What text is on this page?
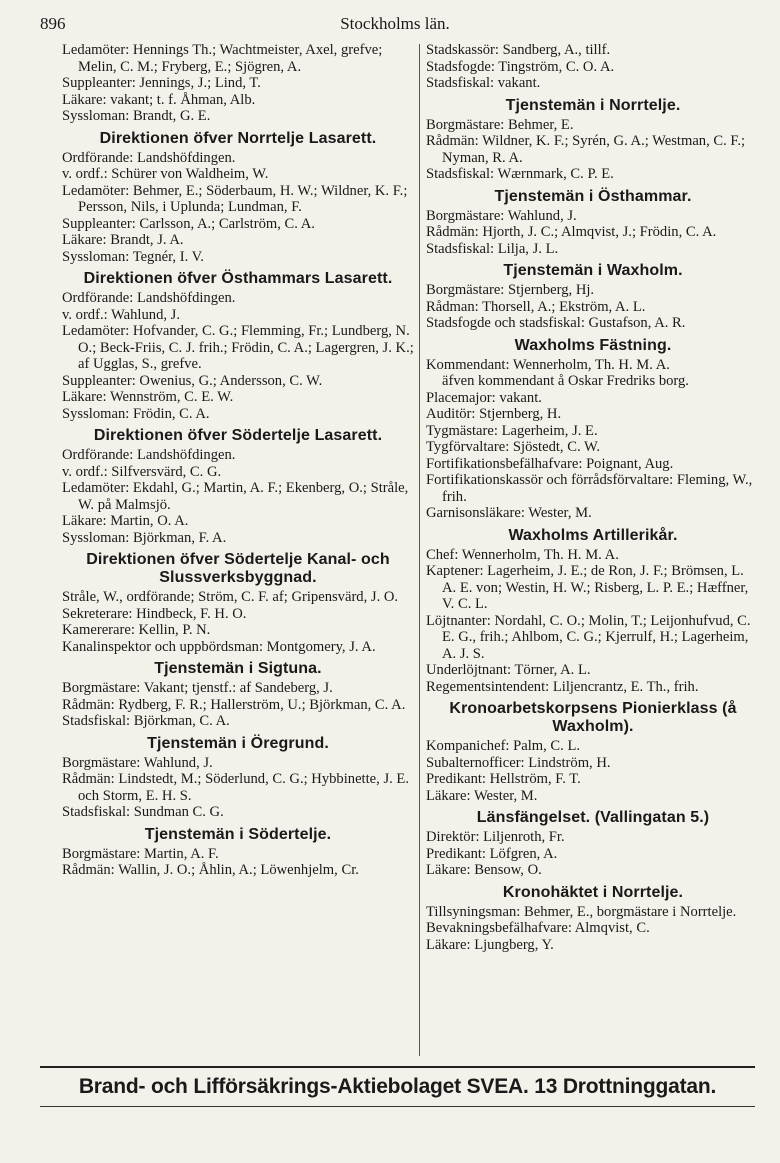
896	Stockholms län.

Ledamöter: Hennings Th.; Wachtmeister, Axel, grefve; Melin, C. M.; Fryberg, E.; Sjögren, A.

Suppleanter: Jennings, J.; Lind, T.

Läkare: vakant; t. f. Åhman, Alb.

Syssloman: Brandt, G. E.

Direktionen öfver Norrtelje Lasarett.

Ordförande: Landshöfdingen.

v. ordf.: Schürer von Waldheim, W.

Ledamöter: Behmer, E.; Söderbaum, H. W.; Wildner, K. F.; Persson, Nils, i Uplunda; Lundman, F.

Suppleanter: Carlsson, A.; Carlström, C. A.

Läkare: Brandt, J. A.

Syssloman: Tegnér, I. V.

Direktionen öfver Östhammars Lasarett.

Ordförande: Landshöfdingen.

v. ordf.: Wahlund, J.

Ledamöter: Hofvander, C. G.; Flemming, Fr.; Lundberg, N. O.; Beck-Friis, C. J. frih.; Frödin, C. A.; Lagergren, J. K.; af Ugglas, S., grefve.

Suppleanter: Owenius, G.; Andersson, C. W.

Läkare: Wennström, C. E. W.

Syssloman: Frödin, C. A.

Direktionen öfver Södertelje Lasarett.

Ordförande: Landshöfdingen.

v. ordf.: Silfversvärd, C. G.

Ledamöter: Ekdahl, G.; Martin, A. F.; Ekenberg, O.; Stråle, W. på Malmsjö.

Läkare: Martin, O. A.

Syssloman: Björkman, F. A.

Direktionen öfver Södertelje Kanal- och Slussverksbyggnad.

Stråle, W., ordförande; Ström, C. F. af; Gripensvärd, J. O.

Sekreterare: Hindbeck, F. H. O.

Kamererare: Kellin, P. N.

Kanalinspektor och uppbördsman: Montgomery, J. A.

Tjenstemän i Sigtuna.

Borgmästare: Vakant; tjenstf.: af Sandeberg, J.

Rådmän: Rydberg, F. R.; Hallerström, U.; Björkman, C. A.

Stadsfiskal: Björkman, C. A.

Tjenstemän i Öregrund.

Borgmästare: Wahlund, J.

Rådmän: Lindstedt, M.; Söderlund, C. G.; Hybbinette, J. E. och Storm, E. H. S.

Stadsfiskal: Sundman C. G.

Tjenstemän i Södertelje.

Borgmästare: Martin, A. F.

Rådmän: Wallin, J. O.; Åhlin, A.; Löwenhjelm, Cr.

Stadskassör: Sandberg, A., tillf.

Stadsfogde: Tingström, C. O. A.

Stadsfiskal: vakant.

Tjenstemän i Norrtelje.

Borgmästare: Behmer, E.

Rådmän: Wildner, K. F.; Syrén, G. A.; Westman, C. F.; Nyman, R. A.

Stadsfiskal: Wærnmark, C. P. E.

Tjenstemän i Östhammar.

Borgmästare: Wahlund, J.

Rådmän: Hjorth, J. C.; Almqvist, J.; Frödin, C. A.

Stadsfiskal: Lilja, J. L.

Tjenstemän i Waxholm.

Borgmästare: Stjernberg, Hj.

Rådman: Thorsell, A.; Ekström, A. L.

Stadsfogde och stadsfiskal: Gustafson, A. R.

Waxholms Fästning.

Kommendant: Wennerholm, Th. H. M. A.

äfven kommendant å Oskar Fredriks borg.

Placemajor: vakant.

Auditör: Stjernberg, H.

Tygmästare: Lagerheim, J. E.

Tygförvaltare: Sjöstedt, C. W.

Fortifikationsbefälhafvare: Poignant, Aug.

Fortifikationskassör och förrådsförvaltare: Fleming, W., frih.

Garnisonsläkare: Wester, M.

Waxholms Artillerikår.

Chef: Wennerholm, Th. H. M. A.

Kaptener: Lagerheim, J. E.; de Ron, J. F.; Brömsen, L. A. E. von; Westin, H. W.; Risberg, L. P. E.; Hæffner, V. C. L.

Löjtnanter: Nordahl, C. O.; Molin, T.; Leijonhufvud, C. E. G., frih.; Ahlbom, C. G.; Kjerrulf, H.; Lagerheim, A. J. S.

Underlöjtnant: Törner, A. L.

Regementsintendent: Liljencrantz, E. Th., frih.

Kronoarbetskorpsens Pionierklass (å Waxholm).

Kompanichef: Palm, C. L.

Subalternofficer: Lindström, H.

Predikant: Hellström, F. T.

Läkare: Wester, M.

Länsfängelset. (Vallingatan 5.)

Direktör: Liljenroth, Fr.

Predikant: Löfgren, A.

Läkare: Bensow, O.

Kronohäktet i Norrtelje.

Tillsyningsman: Behmer, E., borgmästare i Norrtelje.

Bevakningsbefälhafvare: Almqvist, C.

Läkare: Ljungberg, Y.

Brand- och Lifförsäkrings-Aktiebolaget SVEA. 13 Drottninggatan.
